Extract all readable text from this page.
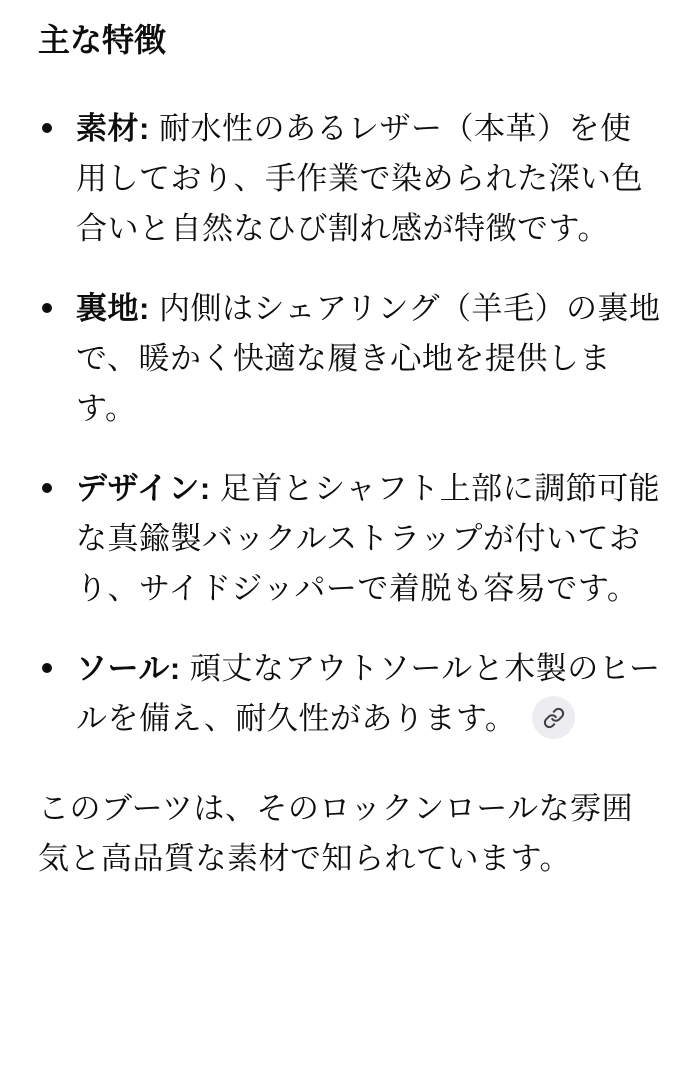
主な特徴
素材: 耐水性のあるレザー（本革）を使用しており、手作業で染められた深い色合いと自然なひび割れ感が特徴です。
裏地: 内側はシェアリング（羊毛）の裏地で、暖かく快適な履き心地を提供します。
デザイン: 足首とシャフト上部に調節可能な真鍮製バックルストラップが付いており、サイドジッパーで着脱も容易です。
ソール: 頑丈なアウトソールと木製のヒールを備え、耐久性があります。

このブーツは、そのロックンロールな雰囲気と高品質な素材で知られています。
